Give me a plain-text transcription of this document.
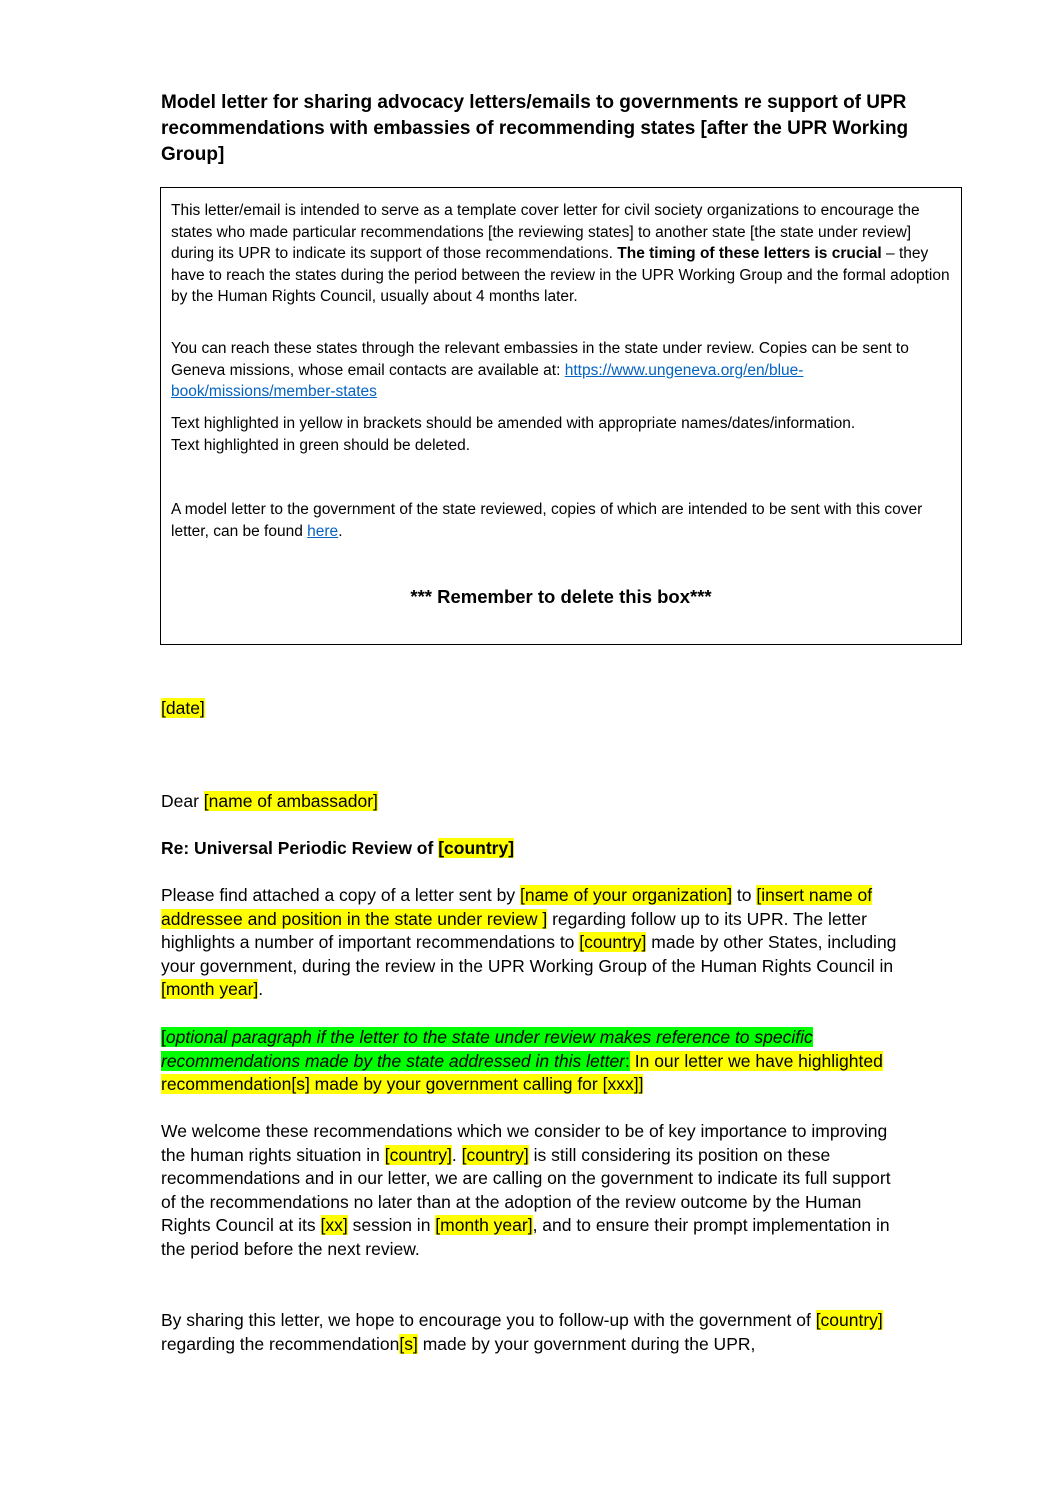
Model letter for sharing advocacy letters/emails to governments re support of UPR recommendations with embassies of recommending states [after the UPR Working Group]

This letter/email is intended to serve as a template cover letter for civil society organizations to encourage the states who made particular recommendations [the reviewing states] to another state [the state under review] during its UPR to indicate its support of those recommendations. The timing of these letters is crucial – they have to reach the states during the period between the review in the UPR Working Group and the formal adoption by the Human Rights Council, usually about 4 months later.

You can reach these states through the relevant embassies in the state under review. Copies can be sent to Geneva missions, whose email contacts are available at: https://www.ungeneva.org/en/blue-book/missions/member-states

Text highlighted in yellow in brackets should be amended with appropriate names/dates/information.
Text highlighted in green should be deleted.

A model letter to the government of the state reviewed, copies of which are intended to be sent with this cover letter, can be found here.

*** Remember to delete this box***

[date]

Dear [name of ambassador]

Re: Universal Periodic Review of [country]

Please find attached a copy of a letter sent by [name of your organization] to [insert name of addressee and position in the state under review ] regarding follow up to its UPR. The letter highlights a number of important recommendations to [country] made by other States, including your government, during the review in the UPR Working Group of the Human Rights Council in [month year].

[optional paragraph if the letter to the state under review makes reference to specific recommendations made by the state addressed in this letter: In our letter we have highlighted recommendation[s] made by your government calling for [xxx]]

We welcome these recommendations which we consider to be of key importance to improving the human rights situation in [country]. [country] is still considering its position on these recommendations and in our letter, we are calling on the government to indicate its full support of the recommendations no later than at the adoption of the review outcome by the Human Rights Council at its [xx] session in [month year], and to ensure their prompt implementation in the period before the next review.

By sharing this letter, we hope to encourage you to follow-up with the government of [country] regarding the recommendation[s] made by your government during the UPR,
